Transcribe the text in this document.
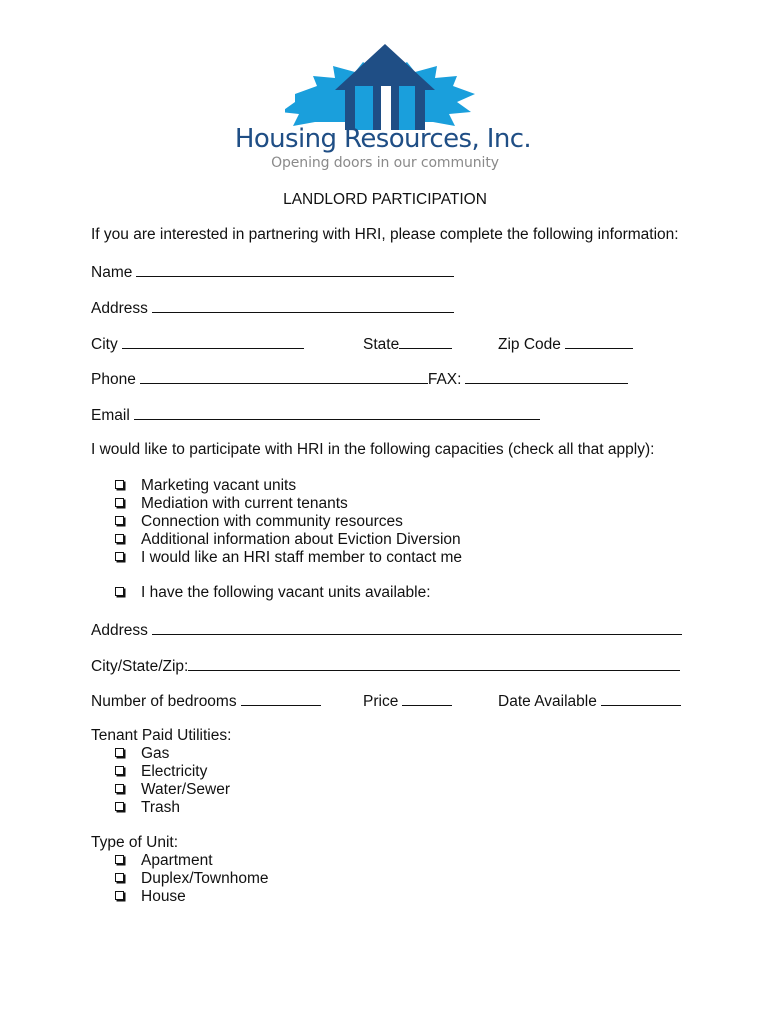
Housing Resources, Inc.
Opening doors in our community
LANDLORD PARTICIPATION
If you are interested in partnering with HRI, please complete the following information:
Name
Address
City	State	Zip Code
Phone	FAX:
Email
I would like to participate with HRI in the following capacities (check all that apply):
Marketing vacant units
Mediation with current tenants
Connection with community resources
Additional information about Eviction Diversion
I would like an HRI staff member to contact me
I have the following vacant units available:
Address
City/State/Zip:
Number of bedrooms	Price	Date Available
Tenant Paid Utilities:
Gas
Electricity
Water/Sewer
Trash
Type of Unit:
Apartment
Duplex/Townhome
House
